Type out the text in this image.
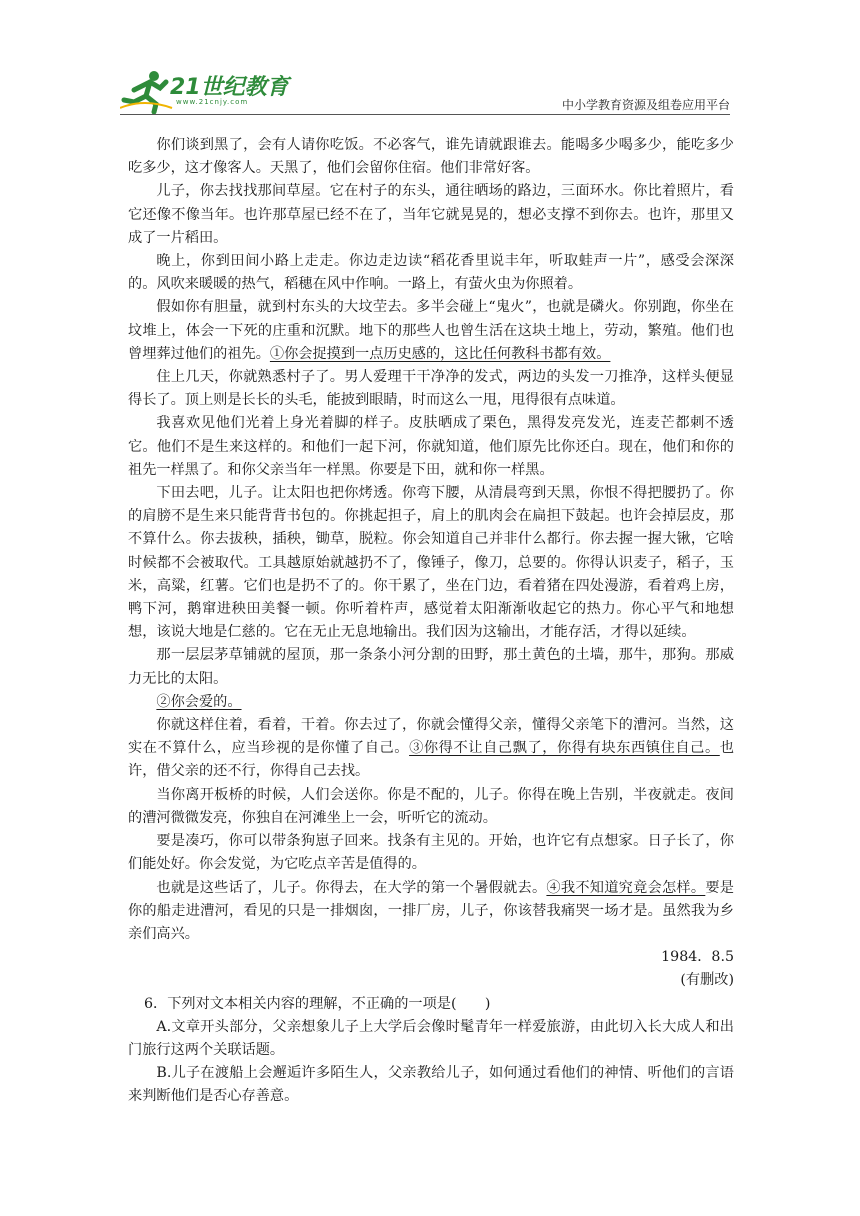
21世纪教育
www.21cnjy.com	中小学教育资源及组卷应用平台

你们谈到黑了，会有人请你吃饭。不必客气，谁先请就跟谁去。能喝多少喝多少，能吃多少吃多少，这才像客人。天黑了，他们会留你住宿。他们非常好客。

儿子，你去找找那间草屋。它在村子的东头，通往晒场的路边，三面环水。你比着照片，看它还像不像当年。也许那草屋已经不在了，当年它就晃晃的，想必支撑不到你去。也许，那里又成了一片稻田。

晚上，你到田间小路上走走。你边走边读“稻花香里说丰年，听取蛙声一片”，感受会深深的。风吹来暖暖的热气，稻穗在风中作响。一路上，有萤火虫为你照着。

假如你有胆量，就到村东头的大坟茔去。多半会碰上“鬼火”，也就是磷火。你别跑，你坐在坟堆上，体会一下死的庄重和沉默。地下的那些人也曾生活在这块土地上，劳动，繁殖。他们也曾埋葬过他们的祖先。①你会捉摸到一点历史感的，这比任何教科书都有效。

住上几天，你就熟悉村子了。男人爱理干干净净的发式，两边的头发一刀推净，这样头便显得长了。顶上则是长长的头毛，能披到眼睛，时而这么一甩，甩得很有点味道。

我喜欢见他们光着上身光着脚的样子。皮肤晒成了栗色，黑得发亮发光，连麦芒都刺不透它。他们不是生来这样的。和他们一起下河，你就知道，他们原先比你还白。现在，他们和你的祖先一样黑了。和你父亲当年一样黑。你要是下田，就和你一样黑。

下田去吧，儿子。让太阳也把你烤透。你弯下腰，从清晨弯到天黑，你恨不得把腰扔了。你的肩膀不是生来只能背背书包的。你挑起担子，肩上的肌肉会在扁担下鼓起。也许会掉层皮，那不算什么。你去拔秧，插秧，锄草，脱粒。你会知道自己并非什么都行。你去握一握大锹，它啥时候都不会被取代。工具越原始就越扔不了，像锤子，像刀，总要的。你得认识麦子，稻子，玉米，高粱，红薯。它们也是扔不了的。你干累了，坐在门边，看着猪在四处漫游，看着鸡上房，鸭下河，鹅窜进秧田美餐一顿。你听着杵声，感觉着太阳渐渐收起它的热力。你心平气和地想想，该说大地是仁慈的。它在无止无息地输出。我们因为这输出，才能存活，才得以延续。

那一层层茅草铺就的屋顶，那一条条小河分割的田野，那土黄色的土墙，那牛，那狗。那威力无比的太阳。

②你会爱的。

你就这样住着，看着，干着。你去过了，你就会懂得父亲，懂得父亲笔下的漕河。当然，这实在不算什么，应当珍视的是你懂了自己。③你得不让自己飘了，你得有块东西镇住自己。也许，借父亲的还不行，你得自己去找。

当你离开板桥的时候，人们会送你。你是不配的，儿子。你得在晚上告别，半夜就走。夜间的漕河微微发亮，你独自在河滩坐上一会，听听它的流动。

要是凑巧，你可以带条狗崽子回来。找条有主见的。开始，也许它有点想家。日子长了，你们能处好。你会发觉，为它吃点辛苦是值得的。

也就是这些话了，儿子。你得去，在大学的第一个暑假就去。④我不知道究竟会怎样。要是你的船走进漕河，看见的只是一排烟囱，一排厂房，儿子，你该替我痛哭一场才是。虽然我为乡亲们高兴。

1984．8.5

(有删改)

6．下列对文本相关内容的理解，不正确的一项是(　　)

A.文章开头部分，父亲想象儿子上大学后会像时髦青年一样爱旅游，由此切入长大成人和出门旅行这两个关联话题。

B.儿子在渡船上会邂逅许多陌生人，父亲教给儿子，如何通过看他们的神情、听他们的言语来判断他们是否心存善意。
